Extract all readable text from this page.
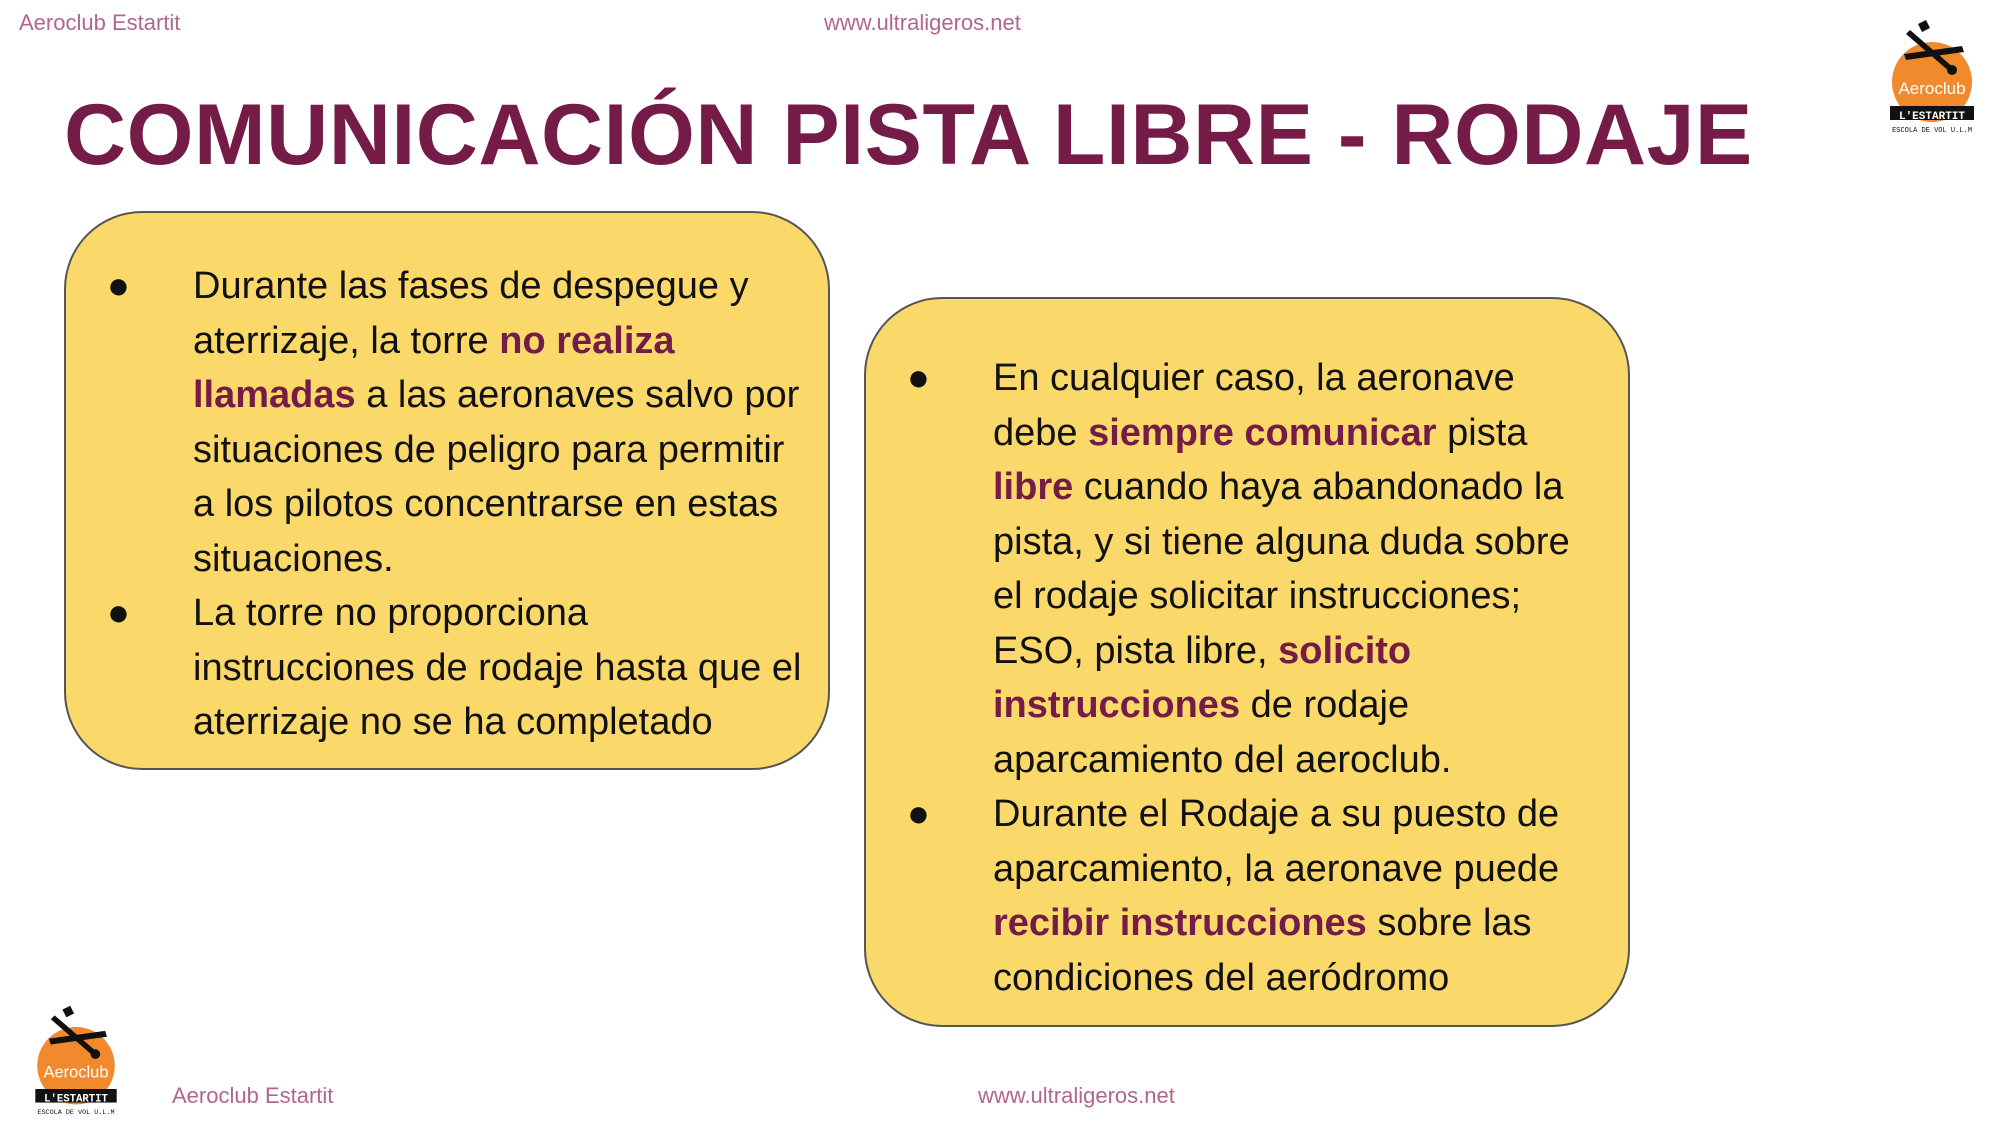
Aeroclub Estartit	www.ultraligeros.net
Aeroclub
L'ESTARTIT
ESCOLA DE VOL U.L.M
COMUNICACIÓN PISTA LIBRE - RODAJE
● Durante las fases de despegue y aterrizaje, la torre no realiza llamadas a las aeronaves salvo por situaciones de peligro para permitir a los pilotos concentrarse en estas situaciones.
● La torre no proporciona instrucciones de rodaje hasta que el aterrizaje no se ha completado
● En cualquier caso, la aeronave debe siempre comunicar pista libre cuando haya abandonado la pista, y si tiene alguna duda sobre el rodaje solicitar instrucciones; ESO, pista libre, solicito instrucciones de rodaje aparcamiento del aeroclub.
● Durante el Rodaje a su puesto de aparcamiento, la aeronave puede recibir instrucciones sobre las condiciones del aeródromo
Aeroclub
L'ESTARTIT
ESCOLA DE VOL U.L.M
Aeroclub Estartit	www.ultraligeros.net
